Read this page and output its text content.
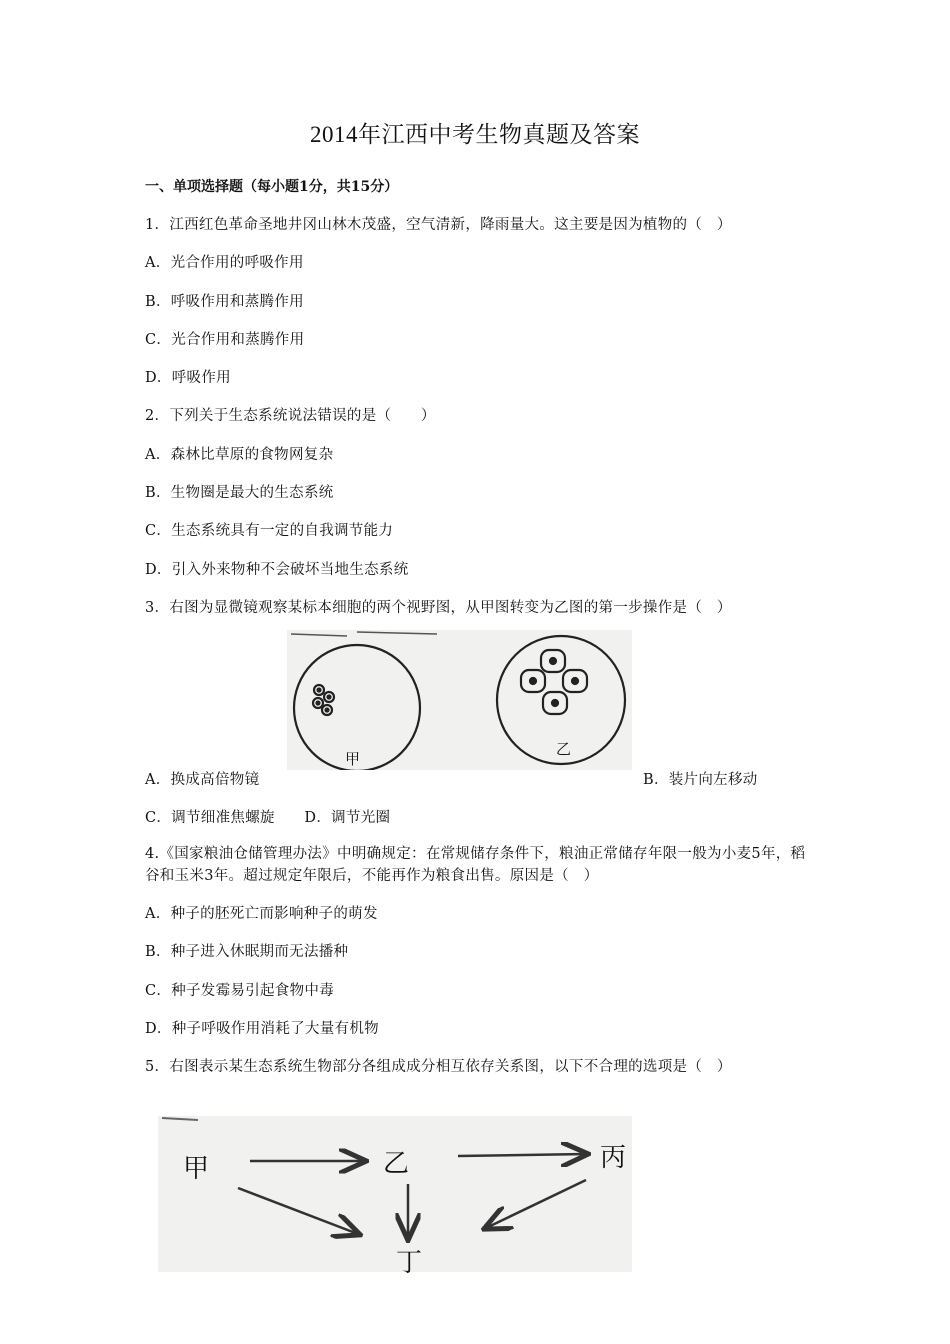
2014年江西中考生物真题及答案
一、单项选择题（每小题1分，共15分）
1．江西红色革命圣地井冈山林木茂盛，空气清新，降雨量大。这主要是因为植物的（　）
A．光合作用的呼吸作用
B．呼吸作用和蒸腾作用
C．光合作用和蒸腾作用
D．呼吸作用
2．下列关于生态系统说法错误的是（　　）
A．森林比草原的食物网复杂
B．生物圈是最大的生态系统
C．生态系统具有一定的自我调节能力
D．引入外来物种不会破坏当地生态系统
3．右图为显微镜观察某标本细胞的两个视野图，从甲图转变为乙图的第一步操作是（　）
甲
乙
A．换成高倍物镜	B．装片向左移动
C．调节细准焦螺旋　　D．调节光圈
4.《国家粮油仓储管理办法》中明确规定：在常规储存条件下，粮油正常储存年限一般为小麦5年，稻谷和玉米3年。超过规定年限后，不能再作为粮食出售。原因是（　）
A．种子的胚死亡而影响种子的萌发
B．种子进入休眠期而无法播种
C．种子发霉易引起食物中毒
D．种子呼吸作用消耗了大量有机物
5．右图表示某生态系统生物部分各组成成分相互依存关系图，以下不合理的选项是（　）
甲	乙	丙
丁
